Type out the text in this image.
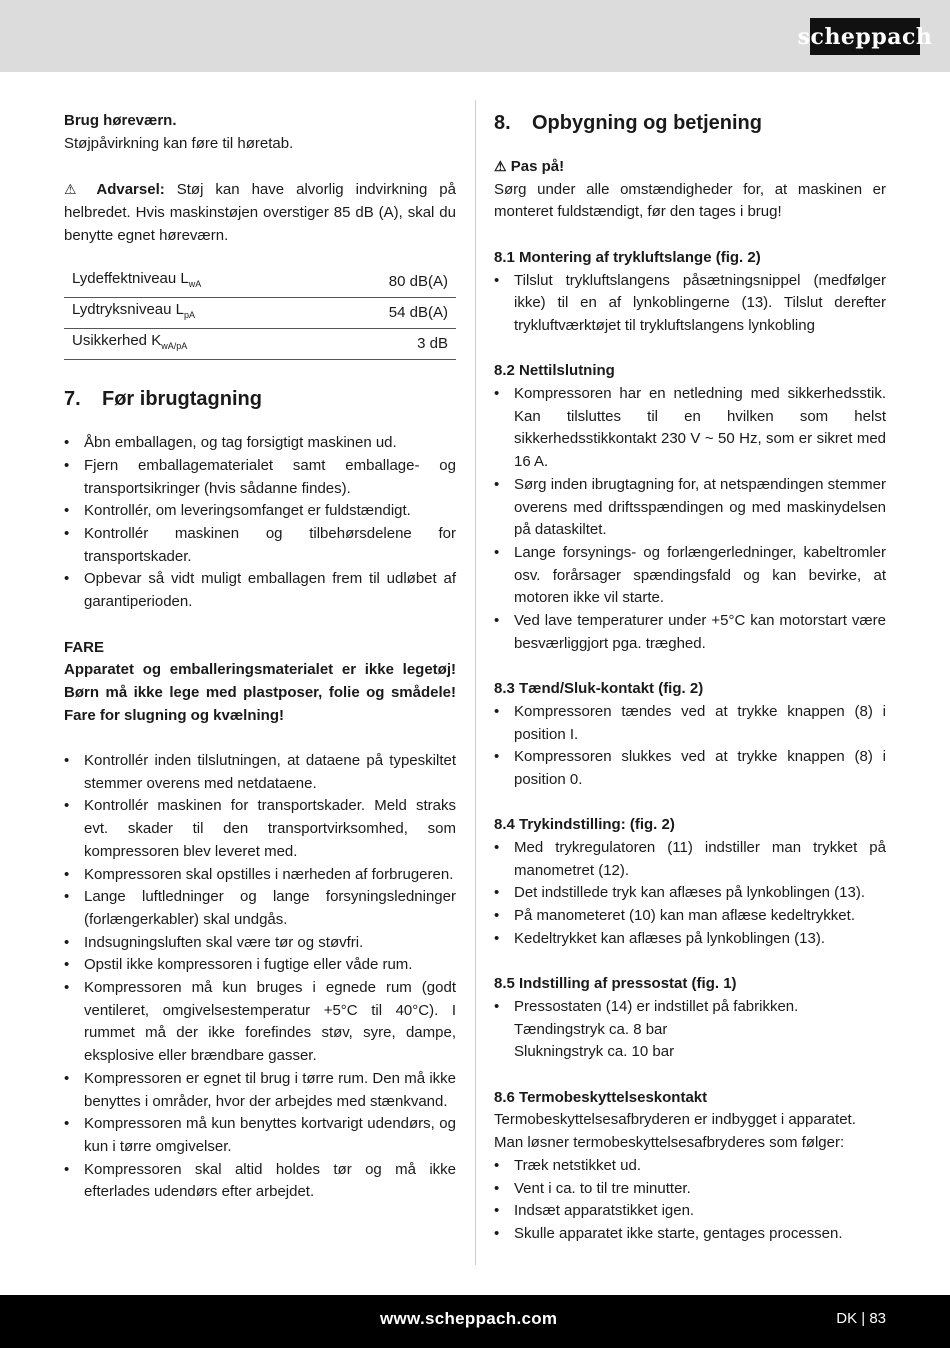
scheppach

Brug høreværn.

Støjpåvirkning kan føre til høretab.

⚠ Advarsel: Støj kan have alvorlig indvirkning på helbredet. Hvis maskinstøjen overstiger 85 dB (A), skal du benytte egnet høreværn.

Lydeffektniveau $L_{wA}$	80 dB(A)
Lydtryksniveau $L_{pA}$	54 dB(A)
Usikkerhed $K_{wA/pA}$	3 dB

7. Før ibrugtagning

• Åbn emballagen, og tag forsigtigt maskinen ud.
• Fjern emballagematerialet samt emballage- og transportsikringer (hvis sådanne findes).
• Kontrollér, om leveringsomfanget er fuldstændigt.
• Kontrollér maskinen og tilbehørsdelene for transportskader.
• Opbevar så vidt muligt emballagen frem til udløbet af garantiperioden.

FARE

Apparatet og emballeringsmaterialet er ikke legetøj! Børn må ikke lege med plastposer, folie og smådele! Fare for slugning og kvælning!

• Kontrollér inden tilslutningen, at dataene på typeskiltet stemmer overens med netdataene.
• Kontrollér maskinen for transportskader. Meld straks evt. skader til den transportvirksomhed, som kompressoren blev leveret med.
• Kompressoren skal opstilles i nærheden af forbrugeren.
• Lange luftledninger og lange forsyningsledninger (forlængerkabler) skal undgås.
• Indsugningsluften skal være tør og støvfri.
• Opstil ikke kompressoren i fugtige eller våde rum.
• Kompressoren må kun bruges i egnede rum (godt ventileret, omgivelsestemperatur +5°C til 40°C). I rummet må der ikke forefindes støv, syre, dampe, eksplosive eller brændbare gasser.
• Kompressoren er egnet til brug i tørre rum. Den må ikke benyttes i områder, hvor der arbejdes med stænkvand.
• Kompressoren må kun benyttes kortvarigt udendørs, og kun i tørre omgivelser.
• Kompressoren skal altid holdes tør og må ikke efterlades udendørs efter arbejdet.

8. Opbygning og betjening

⚠ Pas på!

Sørg under alle omstændigheder for, at maskinen er monteret fuldstændigt, før den tages i brug!

8.1 Montering af trykluftslange (fig. 2)

• Tilslut trykluftslangens påsætningsnippel (medfølger ikke) til en af lynkoblingerne (13). Tilslut derefter trykluftværktøjet til trykluftslangens lynkobling

8.2 Nettilslutning

• Kompressoren har en netledning med sikkerhedsstik. Kan tilsluttes til en hvilken som helst sikkerhedsstikkontakt 230 V ~ 50 Hz, som er sikret med 16 A.
• Sørg inden ibrugtagning for, at netspændingen stemmer overens med driftsspændingen og med maskinydelsen på dataskiltet.
• Lange forsynings- og forlængerledninger, kabeltromler osv. forårsager spændingsfald og kan bevirke, at motoren ikke vil starte.
• Ved lave temperaturer under +5°C kan motorstart være besværliggjort pga. træghed.

8.3 Tænd/Sluk-kontakt (fig. 2)

• Kompressoren tændes ved at trykke knappen (8) i position I.
• Kompressoren slukkes ved at trykke knappen (8) i position 0.

8.4 Trykindstilling: (fig. 2)

• Med trykregulatoren (11) indstiller man trykket på manometret (12).
• Det indstillede tryk kan aflæses på lynkoblingen (13).
• På manometeret (10) kan man aflæse kedeltrykket.
• Kedeltrykket kan aflæses på lynkoblingen (13).

8.5 Indstilling af pressostat (fig. 1)

• Pressostaten (14) er indstillet på fabrikken.

Tændingstryk ca. 8 bar

Slukningstryk ca. 10 bar

8.6 Termobeskyttelseskontakt

Termobeskyttelsesafbryderen er indbygget i apparatet.

Man løsner termobeskyttelsesafbryderes som følger:

• Træk netstikket ud.
• Vent i ca. to til tre minutter.
• Indsæt apparatstikket igen.
• Skulle apparatet ikke starte, gentages processen.
www.scheppach.com	DK | 83
